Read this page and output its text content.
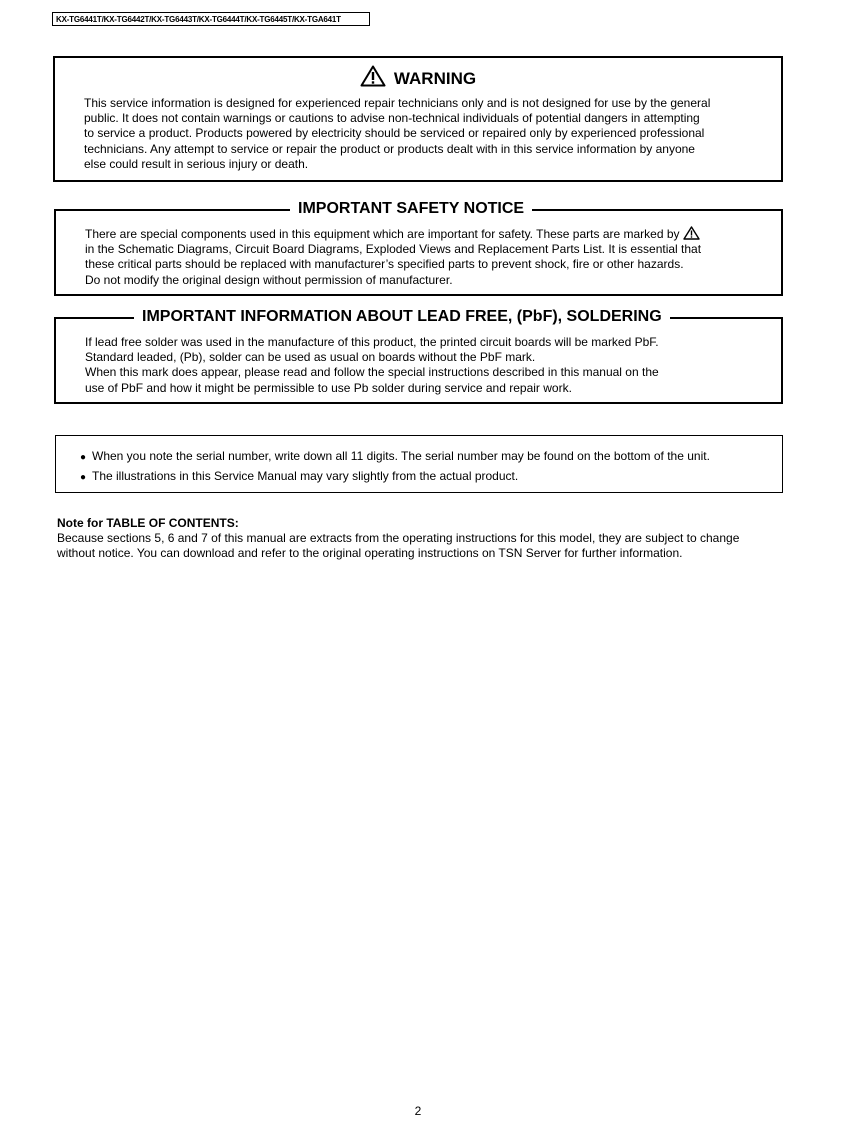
KX-TG6441T/KX-TG6442T/KX-TG6443T/KX-TG6444T/KX-TG6445T/KX-TGA641T
WARNING
This service information is designed for experienced repair technicians only and is not designed for use by the general
public. It does not contain warnings or cautions to advise non-technical individuals of potential dangers in attempting
to service a product. Products powered by electricity should be serviced or repaired only by experienced professional
technicians. Any attempt to service or repair the product or products dealt with in this service information by anyone
else could result in serious injury or death.
IMPORTANT SAFETY NOTICE
There are special components used in this equipment which are important for safety. These parts are marked by
in the Schematic Diagrams, Circuit Board Diagrams, Exploded Views and Replacement Parts List. It is essential that
these critical parts should be replaced with manufacturer’s specified parts to prevent shock, fire or other hazards.
Do not modify the original design without permission of manufacturer.
IMPORTANT INFORMATION ABOUT LEAD FREE, (PbF), SOLDERING
If lead free solder was used in the manufacture of this product, the printed circuit boards will be marked PbF.
Standard leaded, (Pb), solder can be used as usual on boards without the PbF mark.
When this mark does appear, please read and follow the special instructions described in this manual on the
use of PbF and how it might be permissible to use Pb solder during service and repair work.
● When you note the serial number, write down all 11 digits. The serial number may be found on the bottom of the unit.
● The illustrations in this Service Manual may vary slightly from the actual product.
Note for TABLE OF CONTENTS:
Because sections 5, 6 and 7 of this manual are extracts from the operating instructions for this model, they are subject to change
without notice. You can download and refer to the original operating instructions on TSN Server for further information.
2
